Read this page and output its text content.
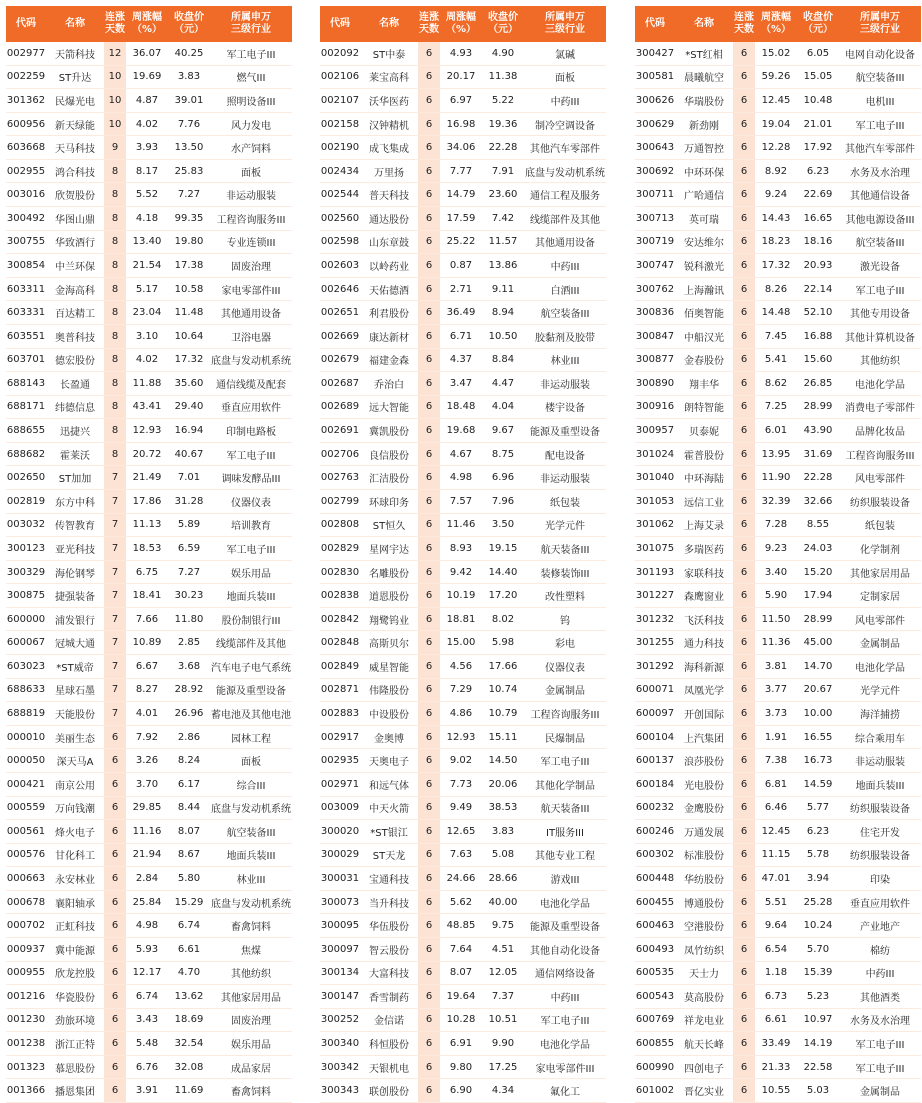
代码	名称	连涨
天数	周涨幅
（%）	收盘价
（元）	所属申万
三级行业
002977	天箭科技	12	36.07	40.25	军工电子III
002259	ST升达	10	19.69	3.83	燃气III
301362	民爆光电	10	4.87	39.01	照明设备III
600956	新天绿能	10	4.02	7.76	风力发电
603668	天马科技	9	3.93	13.50	水产饲料
002955	鸿合科技	8	8.17	25.83	面板
003016	欣贺股份	8	5.52	7.27	非运动服装
300492	华图山鼎	8	4.18	99.35	工程咨询服务III
300755	华致酒行	8	13.40	19.80	专业连锁III
300854	中兰环保	8	21.54	17.38	固废治理
603311	金海高科	8	5.17	10.58	家电零部件III
603331	百达精工	8	23.04	11.48	其他通用设备
603551	奥普科技	8	3.10	10.64	卫浴电器
603701	德宏股份	8	4.02	17.32	底盘与发动机系统
688143	长盈通	8	11.88	35.60	通信线缆及配套
688171	纬德信息	8	43.41	29.40	垂直应用软件
688655	迅捷兴	8	12.93	16.94	印制电路板
688682	霍莱沃	8	20.72	40.67	军工电子III
002650	ST加加	7	21.49	7.01	调味发酵品III
002819	东方中科	7	17.86	31.28	仪器仪表
003032	传智教育	7	11.13	5.89	培训教育
300123	亚光科技	7	18.53	6.59	军工电子III
300329	海伦钢琴	7	6.75	7.27	娱乐用品
300875	捷强装备	7	18.41	30.23	地面兵装III
600000	浦发银行	7	7.66	11.80	股份制银行III
600067	冠城大通	7	10.89	2.85	线缆部件及其他
603023	*ST威帝	7	6.67	3.68	汽车电子电气系统
688633	星球石墨	7	8.27	28.92	能源及重型设备
688819	天能股份	7	4.01	26.96	蓄电池及其他电池
000010	美丽生态	6	7.92	2.86	园林工程
000050	深天马A	6	3.26	8.24	面板
000421	南京公用	6	3.70	6.17	综合III
000559	万向钱潮	6	29.85	8.44	底盘与发动机系统
000561	烽火电子	6	11.16	8.07	航空装备III
000576	甘化科工	6	21.94	8.67	地面兵装III
000663	永安林业	6	2.84	5.80	林业III
000678	襄阳轴承	6	25.84	15.29	底盘与发动机系统
000702	正虹科技	6	4.98	6.74	畜禽饲料
000937	冀中能源	6	5.93	6.61	焦煤
000955	欣龙控股	6	12.17	4.70	其他纺织
001216	华瓷股份	6	6.74	13.62	其他家居用品
001230	劲旅环境	6	3.43	18.69	固废治理
001238	浙江正特	6	5.48	32.54	娱乐用品
001323	慕思股份	6	6.76	32.08	成品家居
001366	播恩集团	6	3.91	11.69	畜禽饲料
代码	名称	连涨
天数	周涨幅
（%）	收盘价
（元）	所属申万
三级行业
002092	ST中泰	6	4.93	4.90	氯碱
002106	莱宝高科	6	20.17	11.38	面板
002107	沃华医药	6	6.97	5.22	中药III
002158	汉钟精机	6	16.98	19.36	制冷空调设备
002190	成飞集成	6	34.06	22.28	其他汽车零部件
002434	万里扬	6	7.77	7.91	底盘与发动机系统
002544	普天科技	6	14.79	23.60	通信工程及服务
002560	通达股份	6	17.59	7.42	线缆部件及其他
002598	山东章鼓	6	25.22	11.57	其他通用设备
002603	以岭药业	6	0.87	13.86	中药III
002646	天佑德酒	6	2.71	9.11	白酒III
002651	利君股份	6	36.49	8.94	航空装备III
002669	康达新材	6	6.71	10.50	胶黏剂及胶带
002679	福建金森	6	4.37	8.84	林业III
002687	乔治白	6	3.47	4.47	非运动服装
002689	远大智能	6	18.48	4.04	楼宇设备
002691	冀凯股份	6	19.68	9.67	能源及重型设备
002706	良信股份	6	4.67	8.75	配电设备
002763	汇洁股份	6	4.98	6.96	非运动服装
002799	环球印务	6	7.57	7.96	纸包装
002808	ST恒久	6	11.46	3.50	光学元件
002829	星网宇达	6	8.93	19.15	航天装备III
002830	名雕股份	6	9.42	14.40	装修装饰III
002838	道恩股份	6	10.19	17.20	改性塑料
002842	翔鹭钨业	6	18.81	8.02	钨
002848	高斯贝尔	6	15.00	5.98	彩电
002849	威星智能	6	4.56	17.66	仪器仪表
002871	伟隆股份	6	7.29	10.74	金属制品
002883	中设股份	6	4.86	10.79	工程咨询服务III
002917	金奥博	6	12.93	15.11	民爆制品
002935	天奥电子	6	9.02	14.50	军工电子III
002971	和远气体	6	7.73	20.06	其他化学制品
003009	中天火箭	6	9.49	38.53	航天装备III
300020	*ST银江	6	12.65	3.83	IT服务III
300029	ST天龙	6	7.63	5.08	其他专业工程
300031	宝通科技	6	24.66	28.66	游戏III
300073	当升科技	6	5.62	40.00	电池化学品
300095	华伍股份	6	48.85	9.75	能源及重型设备
300097	智云股份	6	7.64	4.51	其他自动化设备
300134	大富科技	6	8.07	12.05	通信网络设备
300147	香雪制药	6	19.64	7.37	中药III
300252	金信诺	6	10.28	10.51	军工电子III
300340	科恒股份	6	6.91	9.90	电池化学品
300342	天银机电	6	9.80	17.25	家电零部件III
300343	联创股份	6	6.90	4.34	氟化工
代码	名称	连涨
天数	周涨幅
（%）	收盘价
（元）	所属申万
三级行业
300427	*ST红相	6	15.02	6.05	电网自动化设备
300581	晨曦航空	6	59.26	15.05	航空装备III
300626	华瑞股份	6	12.45	10.48	电机III
300629	新劲刚	6	19.04	21.01	军工电子III
300643	万通智控	6	12.28	17.92	其他汽车零部件
300692	中环环保	6	8.92	6.23	水务及水治理
300711	广哈通信	6	9.24	22.69	其他通信设备
300713	英可瑞	6	14.43	16.65	其他电源设备III
300719	安达维尔	6	18.23	18.16	航空装备III
300747	锐科激光	6	17.32	20.93	激光设备
300762	上海瀚讯	6	8.26	22.14	军工电子III
300836	佰奥智能	6	14.48	52.10	其他专用设备
300847	中船汉光	6	7.45	16.88	其他计算机设备
300877	金春股份	6	5.41	15.60	其他纺织
300890	翔丰华	6	8.62	26.85	电池化学品
300916	朗特智能	6	7.25	28.99	消费电子零部件
300957	贝泰妮	6	6.01	43.90	品牌化妆品
301024	霍普股份	6	13.95	31.69	工程咨询服务III
301040	中环海陆	6	11.90	22.28	风电零部件
301053	远信工业	6	32.39	32.66	纺织服装设备
301062	上海艾录	6	7.28	8.55	纸包装
301075	多瑞医药	6	9.23	24.03	化学制剂
301193	家联科技	6	3.40	15.20	其他家居用品
301227	森鹰窗业	6	5.90	17.94	定制家居
301232	飞沃科技	6	11.50	28.99	风电零部件
301255	通力科技	6	11.36	45.00	金属制品
301292	海科新源	6	3.81	14.70	电池化学品
600071	凤凰光学	6	3.77	20.67	光学元件
600097	开创国际	6	3.73	10.00	海洋捕捞
600104	上汽集团	6	1.91	16.55	综合乘用车
600137	浪莎股份	6	7.38	16.73	非运动服装
600184	光电股份	6	6.81	14.59	地面兵装III
600232	金鹰股份	6	6.46	5.77	纺织服装设备
600246	万通发展	6	12.45	6.23	住宅开发
600302	标准股份	6	11.15	5.78	纺织服装设备
600448	华纺股份	6	47.01	3.94	印染
600455	博通股份	6	5.51	25.28	垂直应用软件
600463	空港股份	6	9.64	10.24	产业地产
600493	凤竹纺织	6	6.54	5.70	棉纺
600535	天士力	6	1.18	15.39	中药III
600543	莫高股份	6	6.73	5.23	其他酒类
600769	祥龙电业	6	6.61	10.97	水务及水治理
600855	航天长峰	6	33.49	14.19	军工电子III
600990	四创电子	6	21.33	22.58	军工电子III
601002	晋亿实业	6	10.55	5.03	金属制品
